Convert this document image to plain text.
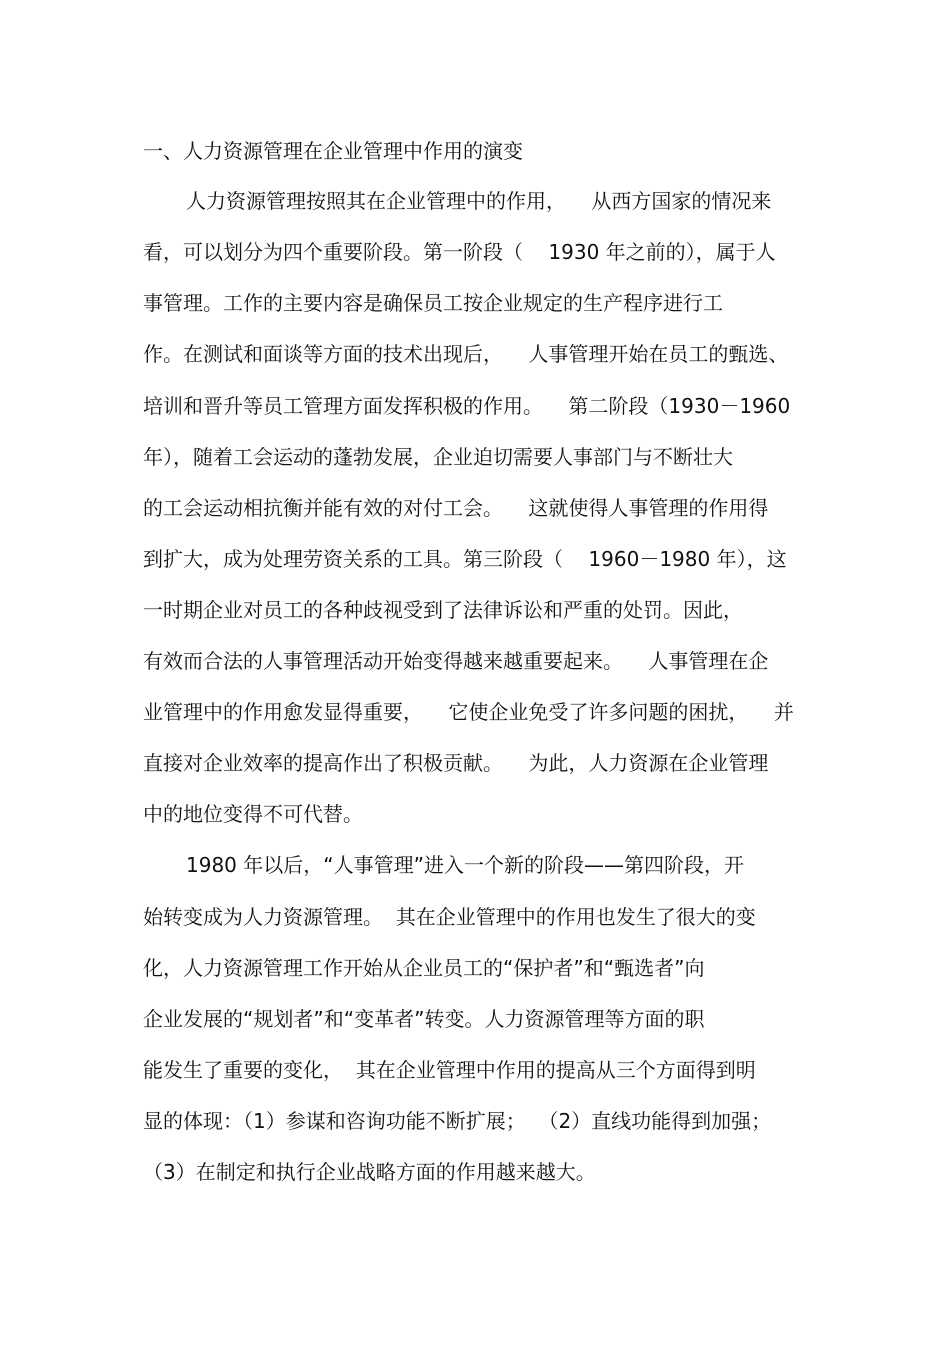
一、人力资源管理在企业管理中作用的演变
人力资源管理按照其在企业管理中的作用，    从西方国家的情况来
看，可以划分为四个重要阶段。第一阶段（    1930 年之前的），属于人
事管理。工作的主要内容是确保员工按企业规定的生产程序进行工
作。在测试和面谈等方面的技术出现后，    人事管理开始在员工的甄选、
培训和晋升等员工管理方面发挥积极的作用。    第二阶段（1930－1960
年），随着工会运动的蓬勃发展，企业迫切需要人事部门与不断壮大
的工会运动相抗衡并能有效的对付工会。    这就使得人事管理的作用得
到扩大，成为处理劳资关系的工具。第三阶段（    1960－1980 年），这
一时期企业对员工的各种歧视受到了法律诉讼和严重的处罚。因此，
有效而合法的人事管理活动开始变得越来越重要起来。    人事管理在企
业管理中的作用愈发显得重要，    它使企业免受了许多问题的困扰，    并
直接对企业效率的提高作出了积极贡献。    为此，人力资源在企业管理
中的地位变得不可代替。
1980 年以后，“人事管理”进入一个新的阶段——第四阶段，开
始转变成为人力资源管理。  其在企业管理中的作用也发生了很大的变
化，人力资源管理工作开始从企业员工的“保护者”和“甄选者”向
企业发展的“规划者”和“变革者”转变。人力资源管理等方面的职
能发生了重要的变化，  其在企业管理中作用的提高从三个方面得到明
显的体现：（1）参谋和咨询功能不断扩展；  （2）直线功能得到加强；
（3）在制定和执行企业战略方面的作用越来越大。
